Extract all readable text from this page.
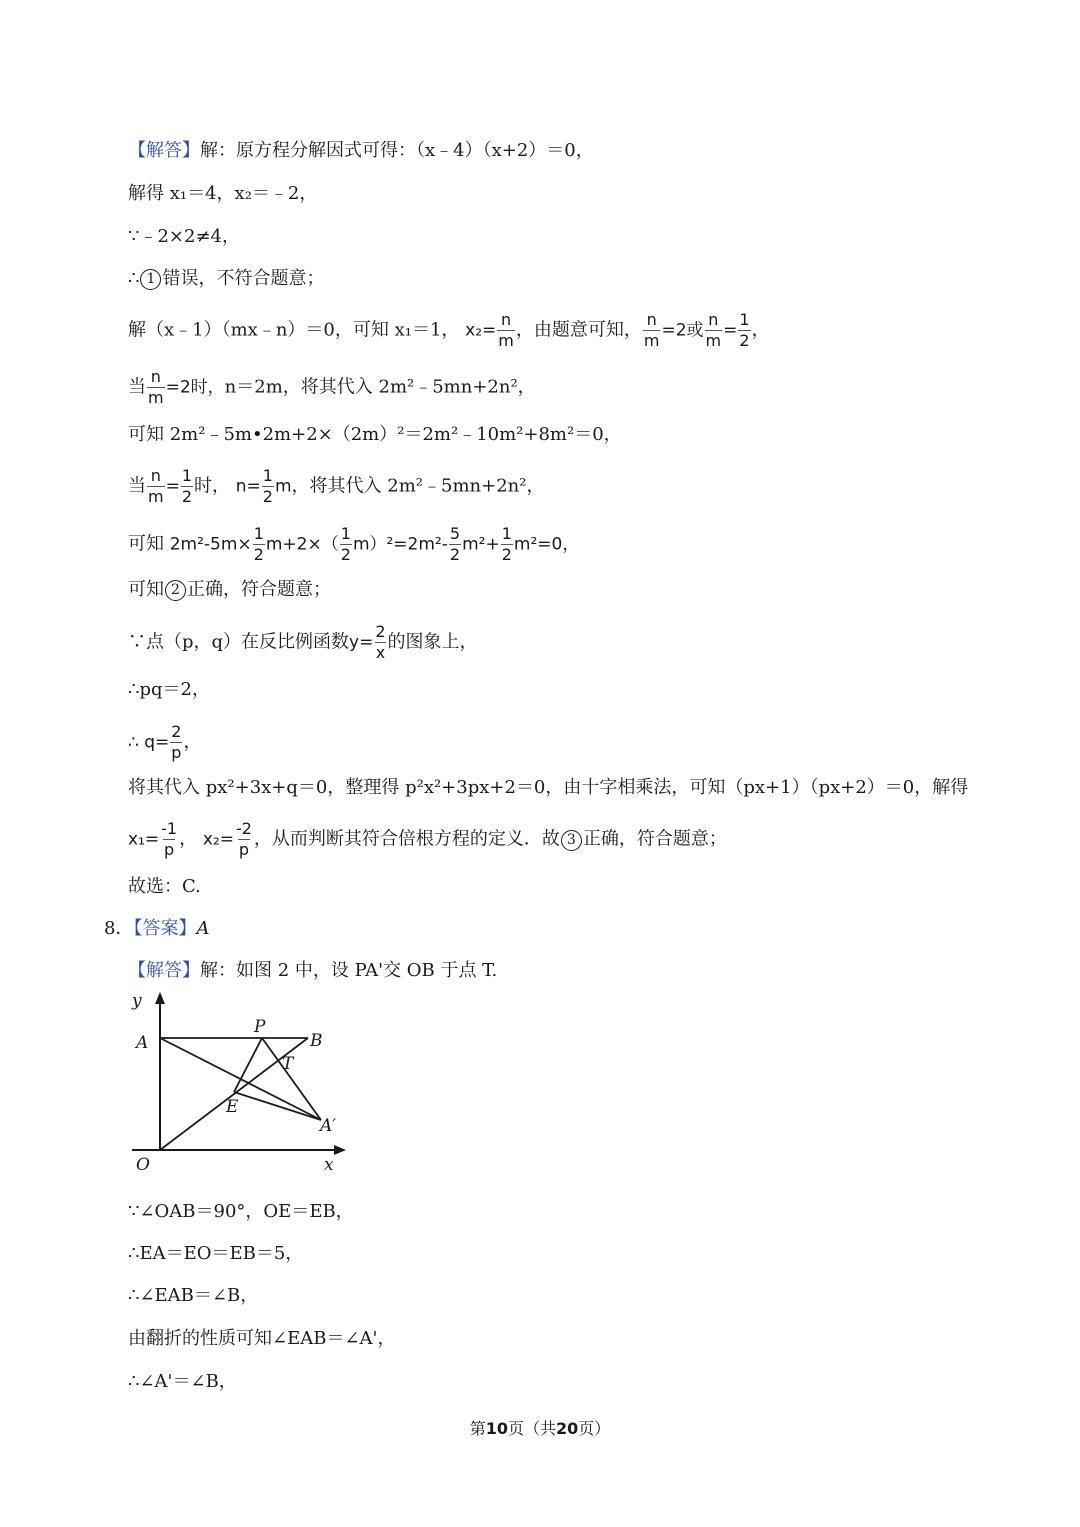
【解答】解：原方程分解因式可得：（x﹣4）（x+2）＝0，
解得 x₁＝4，x₂＝﹣2，
∵﹣2×2≠4，
∴ 1 错误，不符合题意；
解（x﹣1）（mx﹣n）＝0，可知 x₁＝1， $x_2= \frac{n}{m}$ ，由题意可知， $\frac{n}{m} =2$或 $\frac{n}{m} = \frac{1}{2}$ ，
当 $\frac{n}{m} =2$时，n＝2m，将其代入 2m²﹣5mn+2n²，
可知 2m²﹣5m•2m+2×（2m）²＝2m²﹣10m²+8m²＝0，
当 $\frac{n}{m} = \frac{1}{2}$ 时， $n= \frac{1}{2}$ m，将其代入 2m²﹣5mn+2n²，
可知 $2m^2-5m\times \frac{1}{2} m+2\times( \frac{1}{2} m)^2=2m^2- \frac{5}{2} m^2+ \frac{1}{2} m^2=0$，
可知 2 正确，符合题意；
∵点（p，q）在反比例函数$y= \frac{2}{x}$ 的图象上，
∴pq＝2，
∴ $q= \frac{2}{p}$ ，
将其代入 px²+3x+q＝0，整理得 p²x²+3px+2＝0，由十字相乘法，可知（px+1）（px+2）＝0，解得
$x_1= \frac{-1}{p}$ ， $x_2= \frac{-2}{p}$ ，从而判断其符合倍根方程的定义．故 3 正确，符合题意；
故选：C.
8．【答案】A
【解答】解：如图 2 中，设 PA'交 OB 于点 T.
y
x
O
A
P
B
T
E
A′
∵∠OAB＝90°，OE＝EB，
∴EA＝EO＝EB＝5，
∴∠EAB＝∠B，
由翻折的性质可知∠EAB＝∠A'，
∴∠A'＝∠B，
第10页（共20页）
